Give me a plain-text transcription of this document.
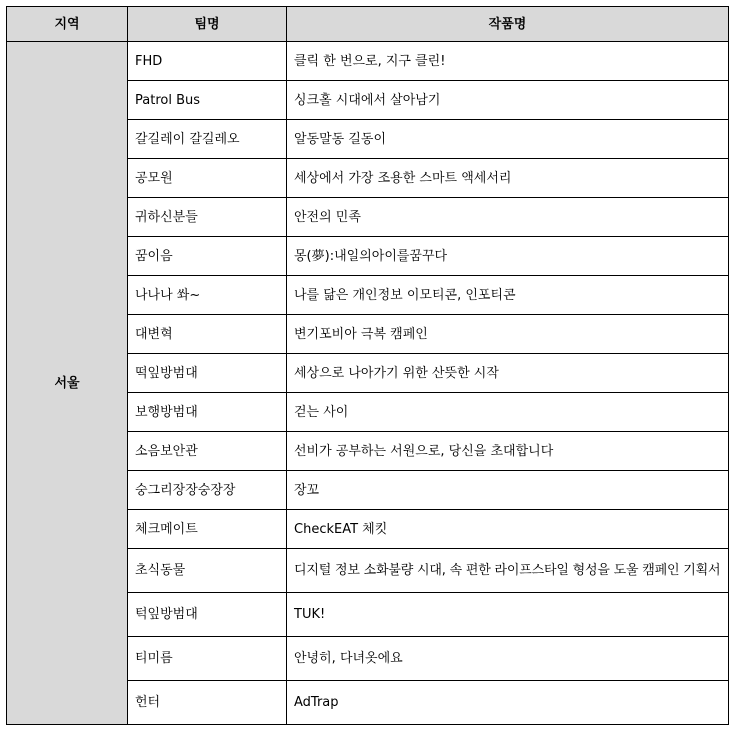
지역	팀명	작품명
서울	FHD	클릭 한 번으로, 지구 클린!
	Patrol Bus	싱크홀 시대에서 살아남기
	갈길레이 갈길레오	알동말동 길동이
	공모원	세상에서 가장 조용한 스마트 액세서리
	귀하신분들	안전의 민족
	꿈이음	몽(夢):내일의아이를꿈꾸다
	나나나 쏴~	나를 닮은 개인정보 이모티콘, 인포티콘
	대변혁	변기포비아 극복 캠페인
	떡잎방범대	세상으로 나아가기 위한 산뜻한 시작
	보행방범대	걷는 사이
	소음보안관	선비가 공부하는 서원으로, 당신을 초대합니다
	숭그리장장숭장장	장꼬
	체크메이트	CheckEAT 체킷
	초식동물	디지털 정보 소화불량 시대, 속 편한 라이프스타일 형성을 도울 캠페인 기획서
	턱잎방범대	TUK!
	티미름	안녕히, 다녀옷에요
	헌터	AdTrap
